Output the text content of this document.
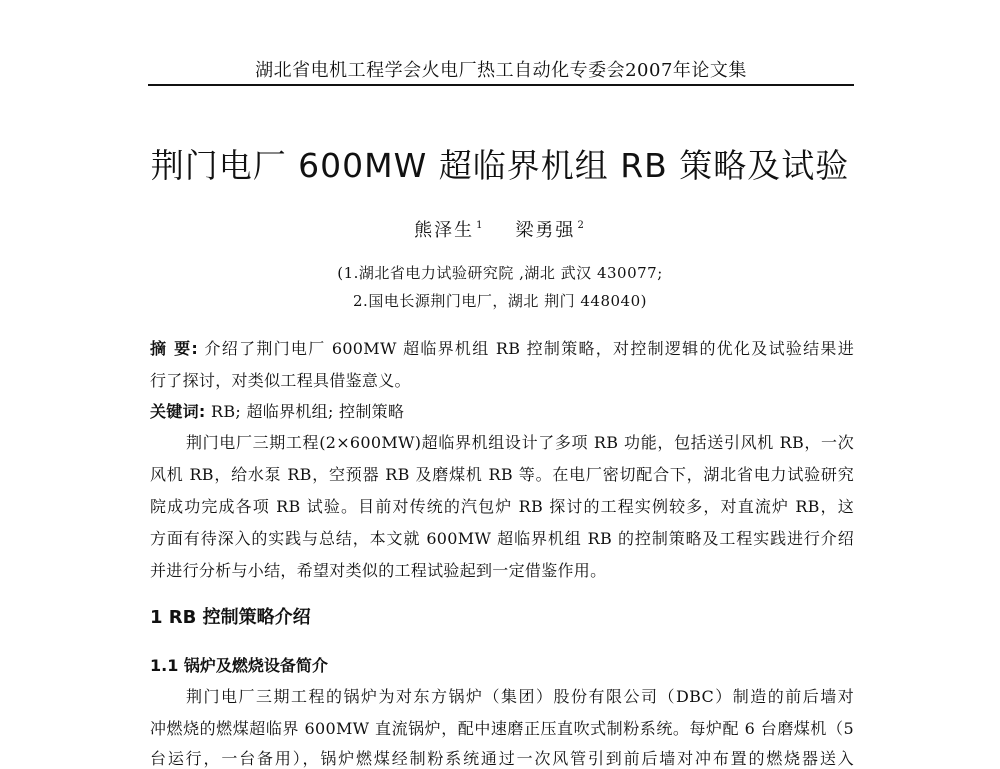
湖北省电机工程学会火电厂热工自动化专委会2007年论文集
荆门电厂 600MW 超临界机组 RB 策略及试验
熊泽生 $^1$ 梁勇强 $^2$
(1.湖北省电力试验研究院 ,湖北 武汉 430077;
2.国电长源荆门电厂，湖北 荆门 448040)
摘 要: 介绍了荆门电厂 600MW 超临界机组 RB 控制策略，对控制逻辑的优化及试验结果进
行了探讨，对类似工程具借鉴意义。
关键词: RB; 超临界机组; 控制策略
荆门电厂三期工程(2×600MW)超临界机组设计了多项 RB 功能，包括送引风机 RB，一次
风机 RB，给水泵 RB，空预器 RB 及磨煤机 RB 等。在电厂密切配合下，湖北省电力试验研究
院成功完成各项 RB 试验。目前对传统的汽包炉 RB 探讨的工程实例较多，对直流炉 RB，这
方面有待深入的实践与总结，本文就 600MW 超临界机组 RB 的控制策略及工程实践进行介绍
并进行分析与小结，希望对类似的工程试验起到一定借鉴作用。
1 RB 控制策略介绍
1.1 锅炉及燃烧设备简介
荆门电厂三期工程的锅炉为对东方锅炉（集团）股份有限公司（DBC）制造的前后墙对
冲燃烧的燃煤超临界 600MW 直流锅炉，配中速磨正压直吹式制粉系统。每炉配 6 台磨煤机（5
台运行，一台备用），锅炉燃煤经制粉系统通过一次风管引到前后墙对冲布置的燃烧器送入
